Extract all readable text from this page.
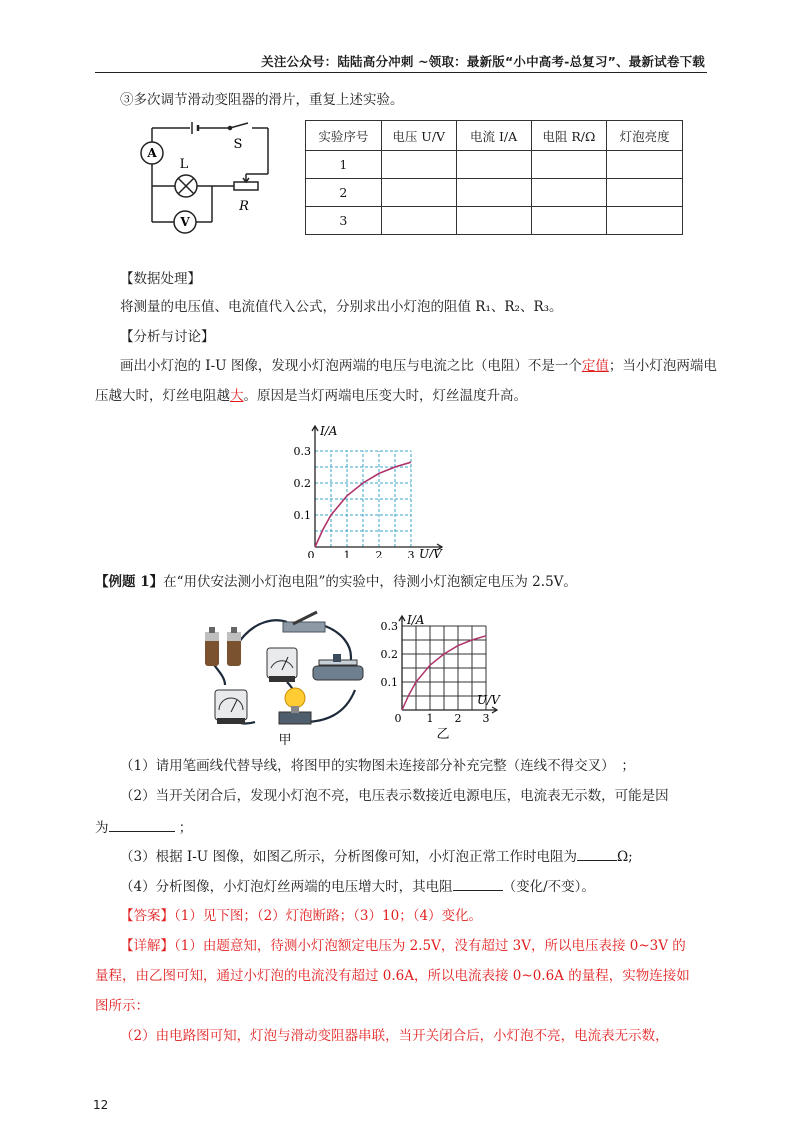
关注公众号：陆陆高分冲刺 ~领取：最新版“小中高考-总复习”、最新试卷下载
③多次调节滑动变阻器的滑片，重复上述实验。
A
V
L
S
R
实验序号	电压 U/V	电流 I/A	电阻 R/Ω	灯泡亮度
1				
2				
3				
【数据处理】
将测量的电压值、电流值代入公式，分别求出小灯泡的阻值 R₁、R₂、R₃。
【分析与讨论】
画出小灯泡的 I-U 图像，发现小灯泡两端的电压与电流之比（电阻）不是一个定值；当小灯泡两端电
压越大时，灯丝电阻越大。原因是当灯两端电压变大时，灯丝温度升高。
0	1 2 3
0.1
0.2
0.3
I/A
U/V
【例题 1】在“用伏安法测小灯泡电阻”的实验中，待测小灯泡额定电压为 2.5V。
甲
0 1 2 3
0.1
0.2
0.3 I/A
U/V
乙
（1）请用笔画线代替导线，将图甲的实物图未连接部分补充完整（连线不得交叉）　；
（2）当开关闭合后，发现小灯泡不亮，电压表示数接近电源电压，电流表无示数，可能是因
为	；
（3）根据 I-U 图像，如图乙所示，分析图像可知，小灯泡正常工作时电阻为	Ω;
（4）分析图像，小灯泡灯丝两端的电压增大时，其电阻	（变化/不变）。
【答案】（1）见下图；（2）灯泡断路；（3）10；（4）变化。
【详解】（1）由题意知，待测小灯泡额定电压为 2.5V，没有超过 3V，所以电压表接 0~3V 的
量程，由乙图可知，通过小灯泡的电流没有超过 0.6A，所以电流表接 0~0.6A 的量程，实物连接如
图所示：
（2）由电路图可知，灯泡与滑动变阻器串联，当开关闭合后，小灯泡不亮，电流表无示数，
12
